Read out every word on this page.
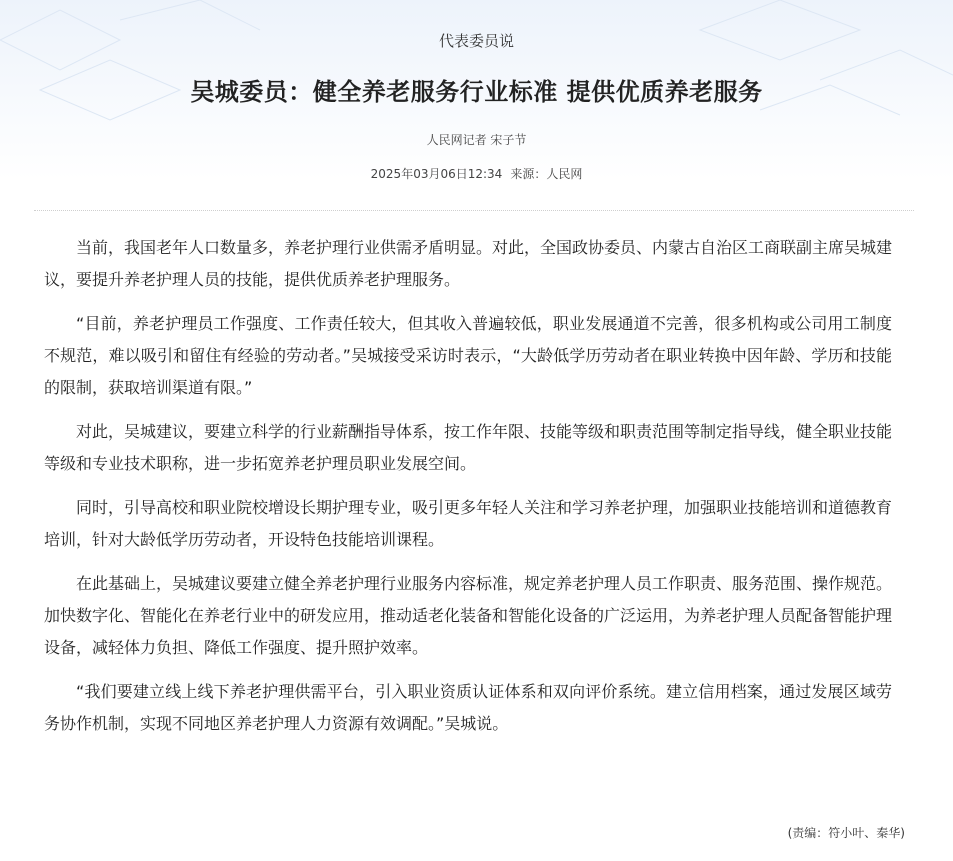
代表委员说
吴城委员：健全养老服务行业标准 提供优质养老服务
人民网记者 宋子节
2025年03月06日12:34 来源：人民网

当前，我国老年人口数量多，养老护理行业供需矛盾明显。对此，全国政协委员、内蒙古自治区工商联副主席吴城建议，要提升养老护理人员的技能，提供优质养老护理服务。

“目前，养老护理员工作强度、工作责任较大，但其收入普遍较低，职业发展通道不完善，很多机构或公司用工制度不规范，难以吸引和留住有经验的劳动者。”吴城接受采访时表示，“大龄低学历劳动者在职业转换中因年龄、学历和技能的限制，获取培训渠道有限。”

对此，吴城建议，要建立科学的行业薪酬指导体系，按工作年限、技能等级和职责范围等制定指导线，健全职业技能等级和专业技术职称，进一步拓宽养老护理员职业发展空间。

同时，引导高校和职业院校增设长期护理专业，吸引更多年轻人关注和学习养老护理，加强职业技能培训和道德教育培训，针对大龄低学历劳动者，开设特色技能培训课程。

在此基础上，吴城建议要建立健全养老护理行业服务内容标准，规定养老护理人员工作职责、服务范围、操作规范。加快数字化、智能化在养老行业中的研发应用，推动适老化装备和智能化设备的广泛运用，为养老护理人员配备智能护理设备，减轻体力负担、降低工作强度、提升照护效率。

“我们要建立线上线下养老护理供需平台，引入职业资质认证体系和双向评价系统。建立信用档案，通过发展区域劳务协作机制，实现不同地区养老护理人力资源有效调配。”吴城说。

(责编：符小叶、秦华)
